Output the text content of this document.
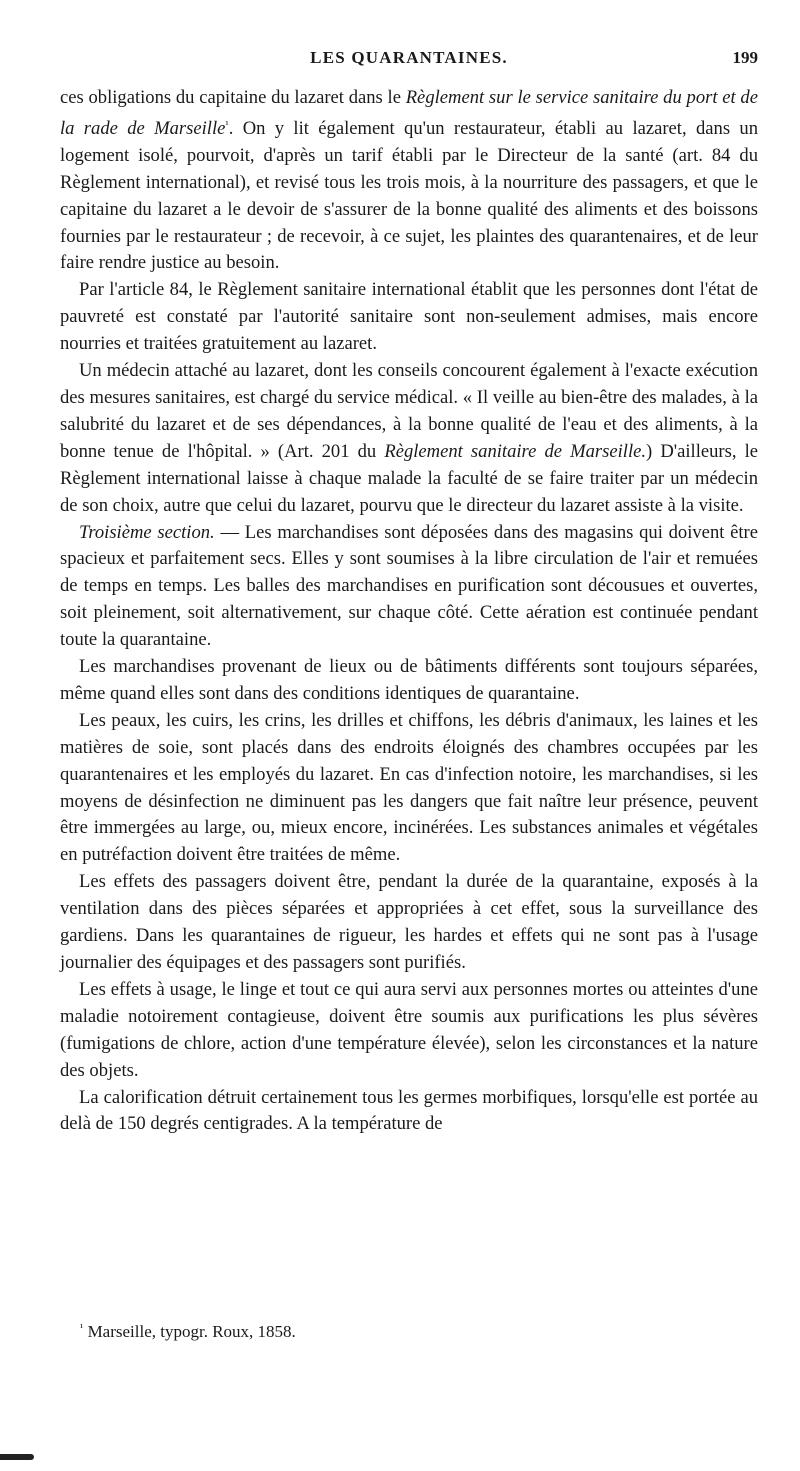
LES QUARANTAINES.	199

ces obligations du capitaine du lazaret dans le Règlement sur le service sanitaire du port et de la rade de Marseille$^{^1}$. On y lit également qu'un restaurateur, établi au lazaret, dans un logement isolé, pourvoit, d'après un tarif établi par le Directeur de la santé (art. 84 du Règlement international), et revisé tous les trois mois, à la nourriture des passagers, et que le capitaine du lazaret a le devoir de s'assurer de la bonne qualité des aliments et des boissons fournies par le restaurateur ; de recevoir, à ce sujet, les plaintes des quarantenaires, et de leur faire rendre justice au besoin.

Par l'article 84, le Règlement sanitaire international établit que les personnes dont l'état de pauvreté est constaté par l'autorité sanitaire sont non-seulement admises, mais encore nourries et traitées gratuitement au lazaret.

Un médecin attaché au lazaret, dont les conseils concourent également à l'exacte exécution des mesures sanitaires, est chargé du service médical. « Il veille au bien-être des malades, à la salubrité du lazaret et de ses dépendances, à la bonne qualité de l'eau et des aliments, à la bonne tenue de l'hôpital. » (Art. 201 du Règlement sanitaire de Marseille.) D'ailleurs, le Règlement international laisse à chaque malade la faculté de se faire traiter par un médecin de son choix, autre que celui du lazaret, pourvu que le directeur du lazaret assiste à la visite.

Troisième section. — Les marchandises sont déposées dans des magasins qui doivent être spacieux et parfaitement secs. Elles y sont soumises à la libre circulation de l'air et remuées de temps en temps. Les balles des marchandises en purification sont décousues et ouvertes, soit pleinement, soit alternativement, sur chaque côté. Cette aération est continuée pendant toute la quarantaine.

Les marchandises provenant de lieux ou de bâtiments différents sont toujours séparées, même quand elles sont dans des conditions identiques de quarantaine.

Les peaux, les cuirs, les crins, les drilles et chiffons, les débris d'animaux, les laines et les matières de soie, sont placés dans des endroits éloignés des chambres occupées par les quarantenaires et les employés du lazaret. En cas d'infection notoire, les marchandises, si les moyens de désinfection ne diminuent pas les dangers que fait naître leur présence, peuvent être immergées au large, ou, mieux encore, incinérées. Les substances animales et végétales en putréfaction doivent être traitées de même.

Les effets des passagers doivent être, pendant la durée de la quarantaine, exposés à la ventilation dans des pièces séparées et appropriées à cet effet, sous la surveillance des gardiens. Dans les quarantaines de rigueur, les hardes et effets qui ne sont pas à l'usage journalier des équipages et des passagers sont purifiés.

Les effets à usage, le linge et tout ce qui aura servi aux personnes mortes ou atteintes d'une maladie notoirement contagieuse, doivent être soumis aux purifications les plus sévères (fumigations de chlore, action d'une température élevée), selon les circonstances et la nature des objets.

La calorification détruit certainement tous les germes morbifiques, lorsqu'elle est portée au delà de 150 degrés centigrades. A la température de

$^{^1}$ Marseille, typogr. Roux, 1858.
